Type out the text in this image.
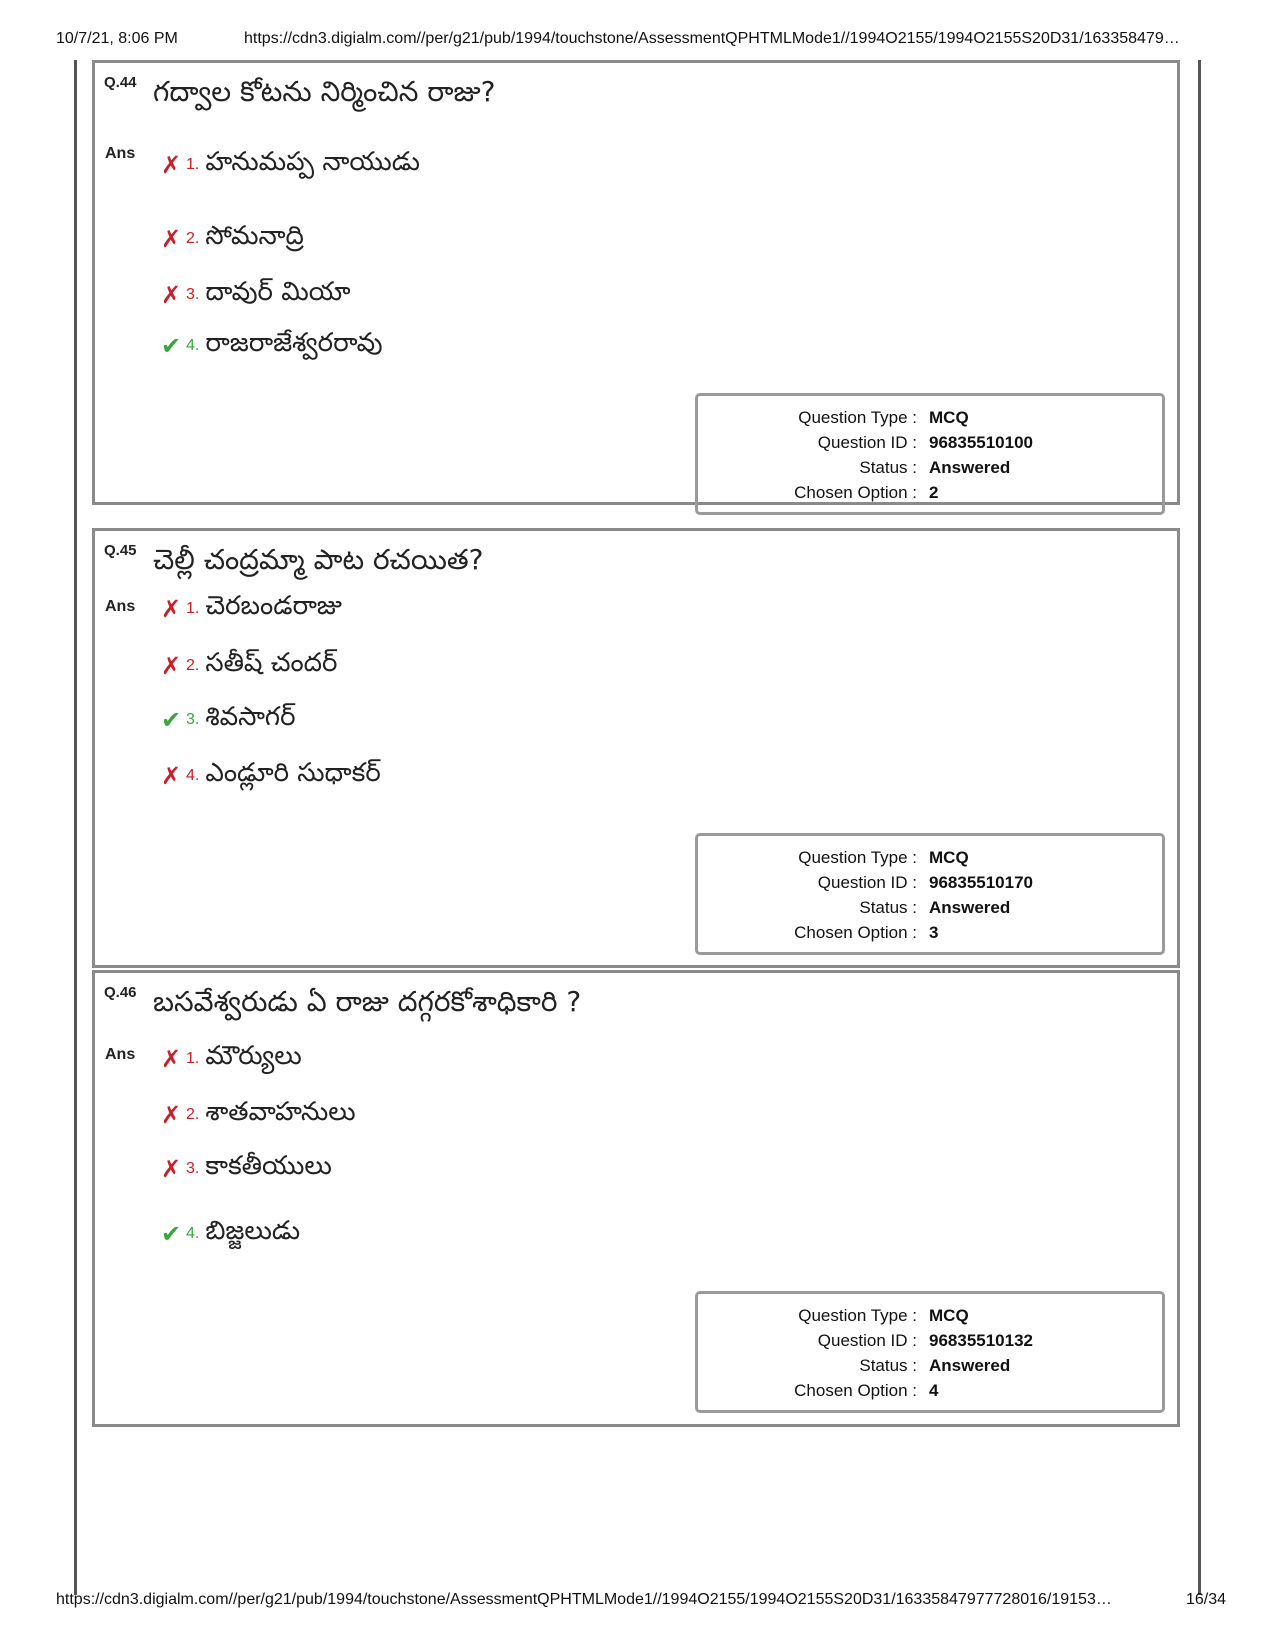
10/7/21, 8:06 PM	https://cdn3.digialm.com//per/g21/pub/1994/touchstone/AssessmentQPHTMLMode1//1994O2155/1994O2155S20D31/163358479…
Q.44 గద్వాల కోటను నిర్మించిన రాజు?
Ans ✗ 1. హనుమప్ప నాయుడు
✗ 2. సోమనాద్రి
✗ 3. దావుర్ మియా
✔ 4. రాజరాజేశ్వరరావు
Question Type : MCQ
Question ID : 96835510100
Status : Answered
Chosen Option : 2
Q.45 చెల్లీ చంద్రమ్మా పాట రచయిత?
Ans ✗ 1. చెరబండరాజు
✗ 2. సతీష్ చందర్
✔ 3. శివసాగర్
✗ 4. ఎండ్లూరి సుధాకర్
Question Type : MCQ
Question ID : 96835510170
Status : Answered
Chosen Option : 3
Q.46 బసవేశ్వరుడు ఏ రాజు దగ్గరకోశాధికారి ?
Ans ✗ 1. మౌర్యులు
✗ 2. శాతవాహనులు
✗ 3. కాకతీయులు
✔ 4. బిజ్జలుడు
Question Type : MCQ
Question ID : 96835510132
Status : Answered
Chosen Option : 4
https://cdn3.digialm.com//per/g21/pub/1994/touchstone/AssessmentQPHTMLMode1//1994O2155/1994O2155S20D31/16335847977728016/19153…	16/34
